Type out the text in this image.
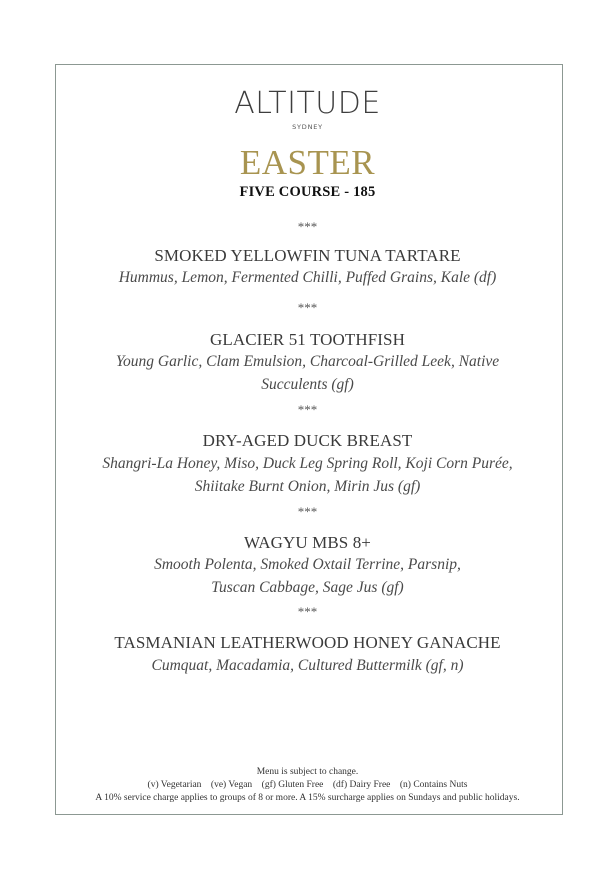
ALTITUDE
SYDNEY
EASTER
FIVE COURSE - 185
***
SMOKED YELLOWFIN TUNA TARTARE
Hummus, Lemon, Fermented Chilli, Puffed Grains, Kale (df)
***
GLACIER 51 TOOTHFISH
Young Garlic, Clam Emulsion, Charcoal-Grilled Leek, Native
Succulents (gf)
***
DRY-AGED DUCK BREAST
Shangri-La Honey, Miso, Duck Leg Spring Roll, Koji Corn Purée,
Shiitake Burnt Onion, Mirin Jus (gf)
***
WAGYU MBS 8+
Smooth Polenta, Smoked Oxtail Terrine, Parsnip,
Tuscan Cabbage, Sage Jus (gf)
***
TASMANIAN LEATHERWOOD HONEY GANACHE
Cumquat, Macadamia, Cultured Buttermilk (gf, n)
Menu is subject to change.
(v) Vegetarian    (ve) Vegan    (gf) Gluten Free    (df) Dairy Free    (n) Contains Nuts
A 10% service charge applies to groups of 8 or more. A 15% surcharge applies on Sundays and public holidays.
